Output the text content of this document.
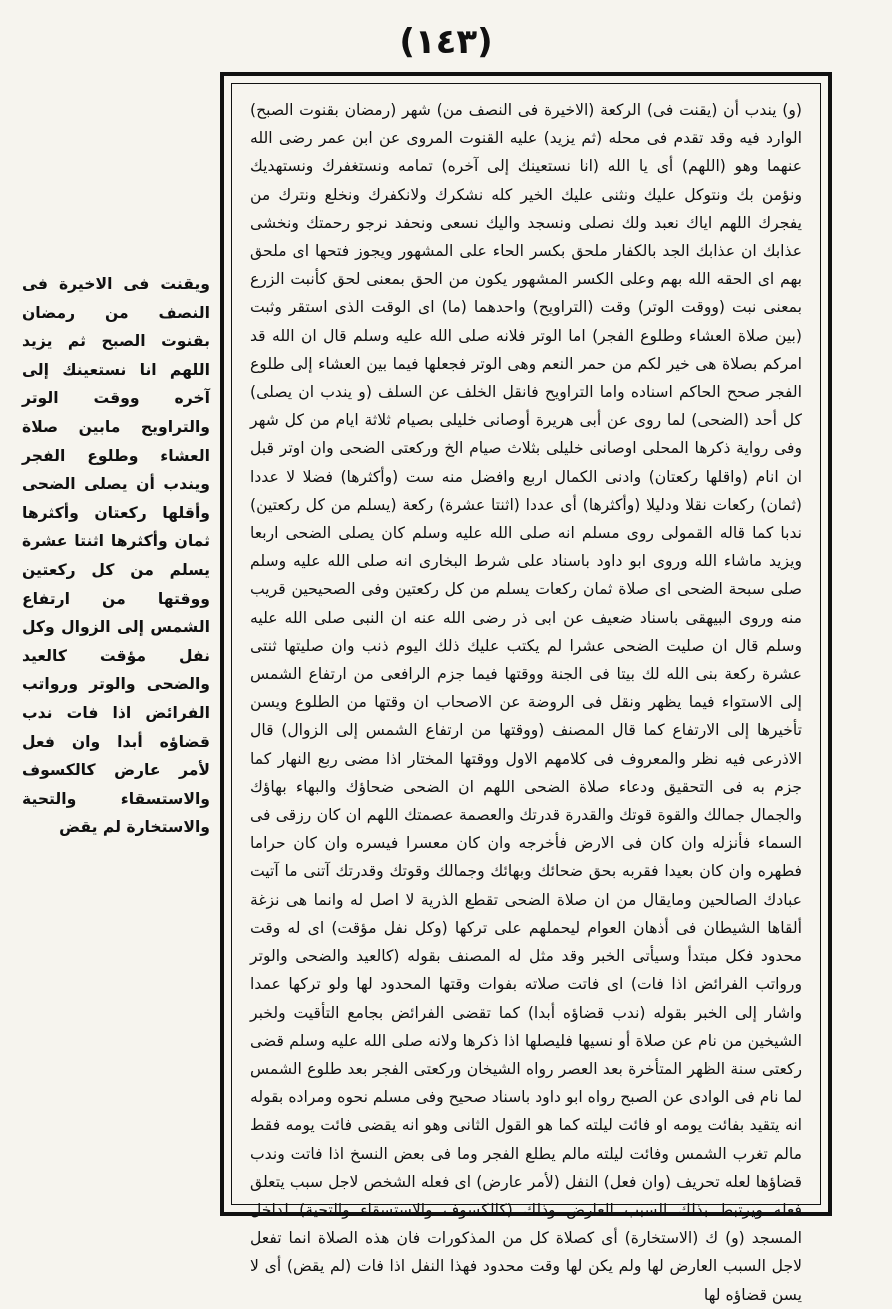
(١٤٣)

ويقنت فى الاخيرة فى النصف من رمضان بقنوت الصبح ثم يزيد اللهم انا نستعينك إلى آخره ووقت الوتر والتراويح مابين صلاة العشاء وطلوع الفجر ويندب أن يصلى الضحى وأقلها ركعتان وأكثرها ثمان وأكثرها اثنتا عشرة يسلم من كل ركعتين ووقتها من ارتفاع الشمس إلى الزوال وكل نفل مؤقت كالعيد والضحى والوتر ورواتب الفرائض اذا فات ندب قضاؤه أبدا وان فعل لأمر عارض كالكسوف والاستسقاء والتحية والاستخارة لم يقض

(و) يندب أن (يقنت فى) الركعة (الاخيرة فى النصف من) شهر (رمضان بقنوت الصبح) الوارد فيه وقد تقدم فى محله (ثم يزيد) عليه القنوت المروى عن ابن عمر رضى الله عنهما وهو (اللهم) أى يا الله (انا نستعينك إلى آخره) تمامه ونستغفرك ونستهديك ونؤمن بك ونتوكل عليك ونثنى عليك الخير كله نشكرك ولانكفرك ونخلع ونترك من يفجرك اللهم اياك نعبد ولك نصلى ونسجد واليك نسعى ونحفد نرجو رحمتك ونخشى عذابك ان عذابك الجد بالكفار ملحق بكسر الحاء على المشهور ويجوز فتحها اى ملحق بهم اى الحقه الله بهم وعلى الكسر المشهور يكون من الحق بمعنى لحق كأنبت الزرع بمعنى نبت (ووقت الوتر) وقت (التراويح) واحدهما (ما) اى الوقت الذى استقر وثبت (بين صلاة العشاء وطلوع الفجر) اما الوتر فلانه صلى الله عليه وسلم قال ان الله قد امركم بصلاة هى خير لكم من حمر النعم وهى الوتر فجعلها فيما بين العشاء إلى طلوع الفجر صحح الحاكم اسناده واما التراويح فانقل الخلف عن السلف (و يندب ان يصلى) كل أحد (الضحى) لما روى عن أبى هريرة أوصانى خليلى بصيام ثلاثة ايام من كل شهر وفى رواية ذكرها المحلى اوصانى خليلى بثلاث صيام الخ وركعتى الضحى وان اوتر قبل ان انام (واقلها ركعتان) وادنى الكمال اربع وافضل منه ست (وأكثرها) فضلا لا عددا (ثمان) ركعات نقلا ودليلا (وأكثرها) أى عددا (اثنتا عشرة) ركعة (يسلم من كل ركعتين) ندبا كما قاله القمولى روى مسلم انه صلى الله عليه وسلم كان يصلى الضحى اربعا ويزيد ماشاء الله وروى ابو داود باسناد على شرط البخارى انه صلى الله عليه وسلم صلى سبحة الضحى اى صلاة ثمان ركعات يسلم من كل ركعتين وفى الصحيحين قريب منه وروى البيهقى باسناد ضعيف عن ابى ذر رضى الله عنه ان النبى صلى الله عليه وسلم قال ان صليت الضحى عشرا لم يكتب عليك ذلك اليوم ذنب وان صليتها ثنتى عشرة ركعة بنى الله لك بيتا فى الجنة ووقتها فيما جزم الرافعى من ارتفاع الشمس إلى الاستواء فيما يظهر ونقل فى الروضة عن الاصحاب ان وقتها من الطلوع ويسن تأخيرها إلى الارتفاع كما قال المصنف (ووقتها من ارتفاع الشمس إلى الزوال) قال الاذرعى فيه نظر والمعروف فى كلامهم الاول ووقتها المختار اذا مضى ربع النهار كما جزم به فى التحقيق ودعاء صلاة الضحى اللهم ان الضحى ضحاؤك والبهاء بهاؤك والجمال جمالك والقوة قوتك والقدرة قدرتك والعصمة عصمتك اللهم ان كان رزقى فى السماء فأنزله وان كان فى الارض فأخرجه وان كان معسرا فيسره وان كان حراما فطهره وان كان بعيدا فقربه بحق ضحائك وبهائك وجمالك وقوتك وقدرتك آتنى ما آتيت عبادك الصالحين ومايقال من ان صلاة الضحى تقطع الذرية لا اصل له وانما هى نزغة ألقاها الشيطان فى أذهان العوام ليحملهم على تركها (وكل نفل مؤقت) اى له وقت محدود فكل مبتدأ وسيأتى الخبر وقد مثل له المصنف بقوله (كالعيد والضحى والوتر ورواتب الفرائض اذا فات) اى فاتت صلاته بفوات وقتها المحدود لها ولو تركها عمدا واشار إلى الخبر بقوله (ندب قضاؤه أبدا) كما تقضى الفرائض بجامع التأقيت ولخبر الشيخين من نام عن صلاة أو نسيها فليصلها اذا ذكرها ولانه صلى الله عليه وسلم قضى ركعتى سنة الظهر المتأخرة بعد العصر رواه الشيخان وركعتى الفجر بعد طلوع الشمس لما نام فى الوادى عن الصبح رواه ابو داود باسناد صحيح وفى مسلم نحوه ومراده بقوله انه يتقيد بفائت يومه او فائت ليلته كما هو القول الثانى وهو انه يقضى فائت يومه فقط مالم تغرب الشمس وفائت ليلته مالم يطلع الفجر وما فى بعض النسخ اذا فاتت وندب قضاؤها لعله تحريف (وان فعل) النفل (لأمر عارض) اى فعله الشخص لاجل سبب يتعلق فعله ويرتبط بذلك السبب العارض وذلك (كالكسوف والاستسقاء والتحية) لداخل المسجد (و) ك (الاستخارة) أى كصلاة كل من المذكورات فان هذه الصلاة انما تفعل لاجل السبب العارض لها ولم يكن لها وقت محدود فهذا النفل اذا فات (لم يقض) أى لا يسن قضاؤه لها
